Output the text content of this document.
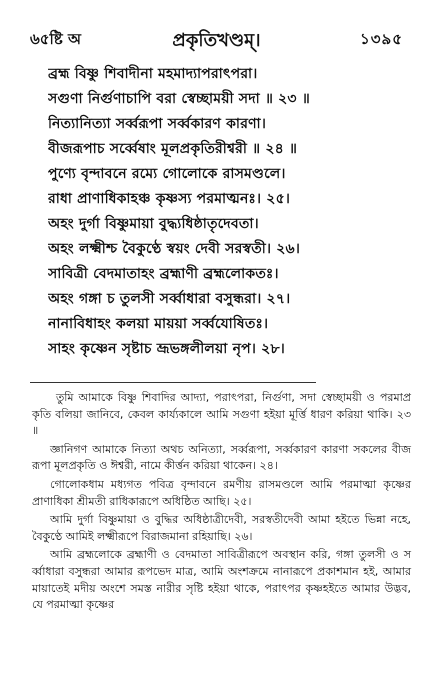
৬৫ষ্টি অ	প্রকৃতিখণ্ডম্‌।	১৩৯৫
ব্রহ্ম বিষ্ণু শিবাদীনা মহমাদ্যাপরাৎপরা।
সগুণা নির্গুণাচাপি বরা স্বেচ্ছাময়ী সদা ॥ ২৩ ॥
নিত্যানিত্যা সর্ব্বরূপা সর্ব্বকারণ কারণা।
বীজরূপাচ সর্ব্বেষাং মূলপ্রকৃতিরীশ্বরী ॥ ২৪ ॥
পুণ্যে বৃন্দাবনে রম্যে গোলোকে রাসমণ্ডলে।
রাধা প্রাণাধিকাহঞ্চ কৃষ্ণস্য পরমাত্মনঃ। ২৫।
অহং দুর্গা বিষ্ণুমায়া বুদ্ধ্যধিষ্ঠাতৃদেবতা।
অহং লক্ষ্মীশ্চ বৈকুণ্ঠে স্বয়ং দেবী সরস্বতী। ২৬।
সাবিত্রী বেদমাতাহং ব্রহ্মাণী ব্রহ্মলোকতঃ।
অহং গঙ্গা চ তুলসী সর্ব্বাধারা বসুন্ধরা। ২৭।
নানাবিধাহং কলয়া মায়য়া সর্ব্বযোষিতঃ।
সাহং কৃষ্ণেন সৃষ্টাচ ভ্রূভঙ্গলীলয়া নৃপ। ২৮।

তুমি আমাকে বিষ্ণু শিবাদির আদ্যা, পরাৎপরা, নির্গুণা, সদা স্বেচ্ছাময়ী ও পরমাপ্রকৃতি বলিয়া জানিবে, কেবল কার্য্যকালে আমি সগুণা হইয়া মূর্ত্তি ধারণ করিয়া থাকি। ২৩ ॥

জ্ঞানিগণ আমাকে নিত্যা অথচ অনিত্যা, সর্ব্বরূপা, সর্ব্বকারণ কারণা সকলের বীজরূপা মূলপ্রকৃতি ও ঈশ্বরী, নামে কীর্ত্তন করিয়া থাকেন। ২৪।

গোলোকধাম মধ্যগত পবিত্র বৃন্দাবনে রমণীয় রাসমণ্ডলে আমি পরমাত্মা কৃষ্ণের প্রাণাধিকা শ্রীমতী রাধিকারূপে অধিষ্ঠিত আছি। ২৫।

আমি দুর্গা বিষ্ণুমায়া ও বুদ্ধির অধিষ্ঠাত্রীদেবী, সরস্বতীদেবী আমা হইতে ভিন্না নহে, বৈকুণ্ঠে আমিই লক্ষ্মীরূপে বিরাজমানা রহিয়াছি। ২৬।

আমি ব্রহ্মলোকে ব্রহ্মাণী ও বেদমাতা সাবিত্রীরূপে অবস্থান করি, গঙ্গা তুলসী ও সর্ব্বাধারা বসুন্ধরা আমার রূপভেদ মাত্র, আমি অংশক্রমে নানারূপে প্রকাশমান হই, আমার মায়াতেই মদীয় অংশে সমস্ত নারীর সৃষ্টি হইয়া থাকে, পরাৎপর কৃষ্ণহইতে আমার উদ্ভব, যে পরমাত্মা কৃষ্ণের
